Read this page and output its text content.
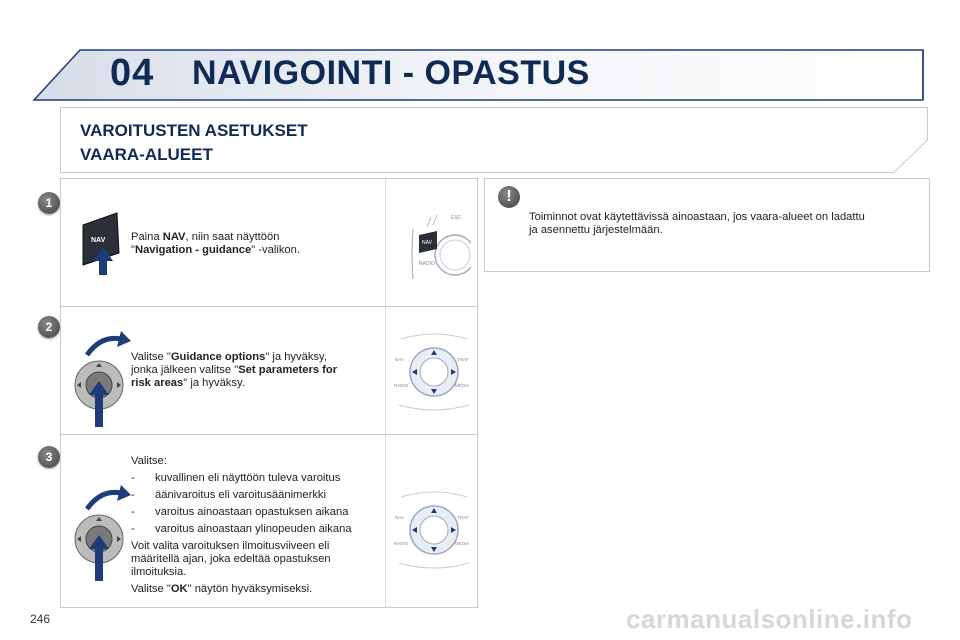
04 NAVIGOINTI - OPASTUS
VAROITUSTEN ASETUKSET
VAARA-ALUEET
1
NAV Paina NAV, niin saat näyttöön
"Navigation - guidance" -valikon.
NAV
ESC
RADIO
2
Valitse "Guidance options" ja hyväksy,
jonka jälkeen valitse "Set parameters for
risk areas" ja hyväksy.
NAV	TRAF
RADIO	MEDIA
3	Valitse:
- kuvallinen eli näyttöön tuleva varoitus
- äänivaroitus eli varoitusäänimerkki
- varoitus ainoastaan opastuksen aikana
- varoitus ainoastaan ylinopeuden aikana
Voit valita varoituksen ilmoitusviiveen eli
määritellä ajan, joka edeltää opastuksen
ilmoituksia.
Valitse "OK" näytön hyväksymiseksi.
NAV	TRAF
RADIO	MEDIA
!
Toiminnot ovat käytettävissä ainoastaan, jos vaara-alueet on ladattu
ja asennettu järjestelmään.
246	carmanualsonline.info
